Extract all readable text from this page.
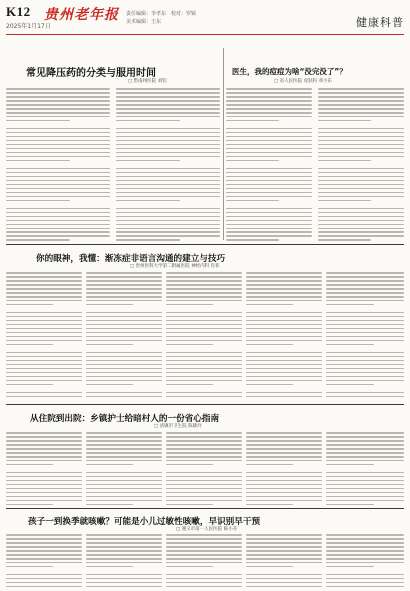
K12
2025年1月17日
贵州老年报 责任编辑：李孝东　校对：罗辑
美术编辑：王东	健康科普
常见降压药的分类与服用时间
□ 黔南州医院 刘钧
医生，我的痘痘为啥“没完没了”？
□ 省人民医院 皮肤科 邓小东
你的眼神，我懂：渐冻症非语言沟通的建立与技巧
□ 贵州医科大学第二附属医院 神经内科 肖菲
从住院到出院：乡镇护士给暗村人的一份省心指南
□ 清镇市卫生院 陈晓玲
孩子一到换季就咳嗽？可能是小儿过敏性咳嗽，早识别早干预
□ 遵义市第一人民医院 陈小芬
